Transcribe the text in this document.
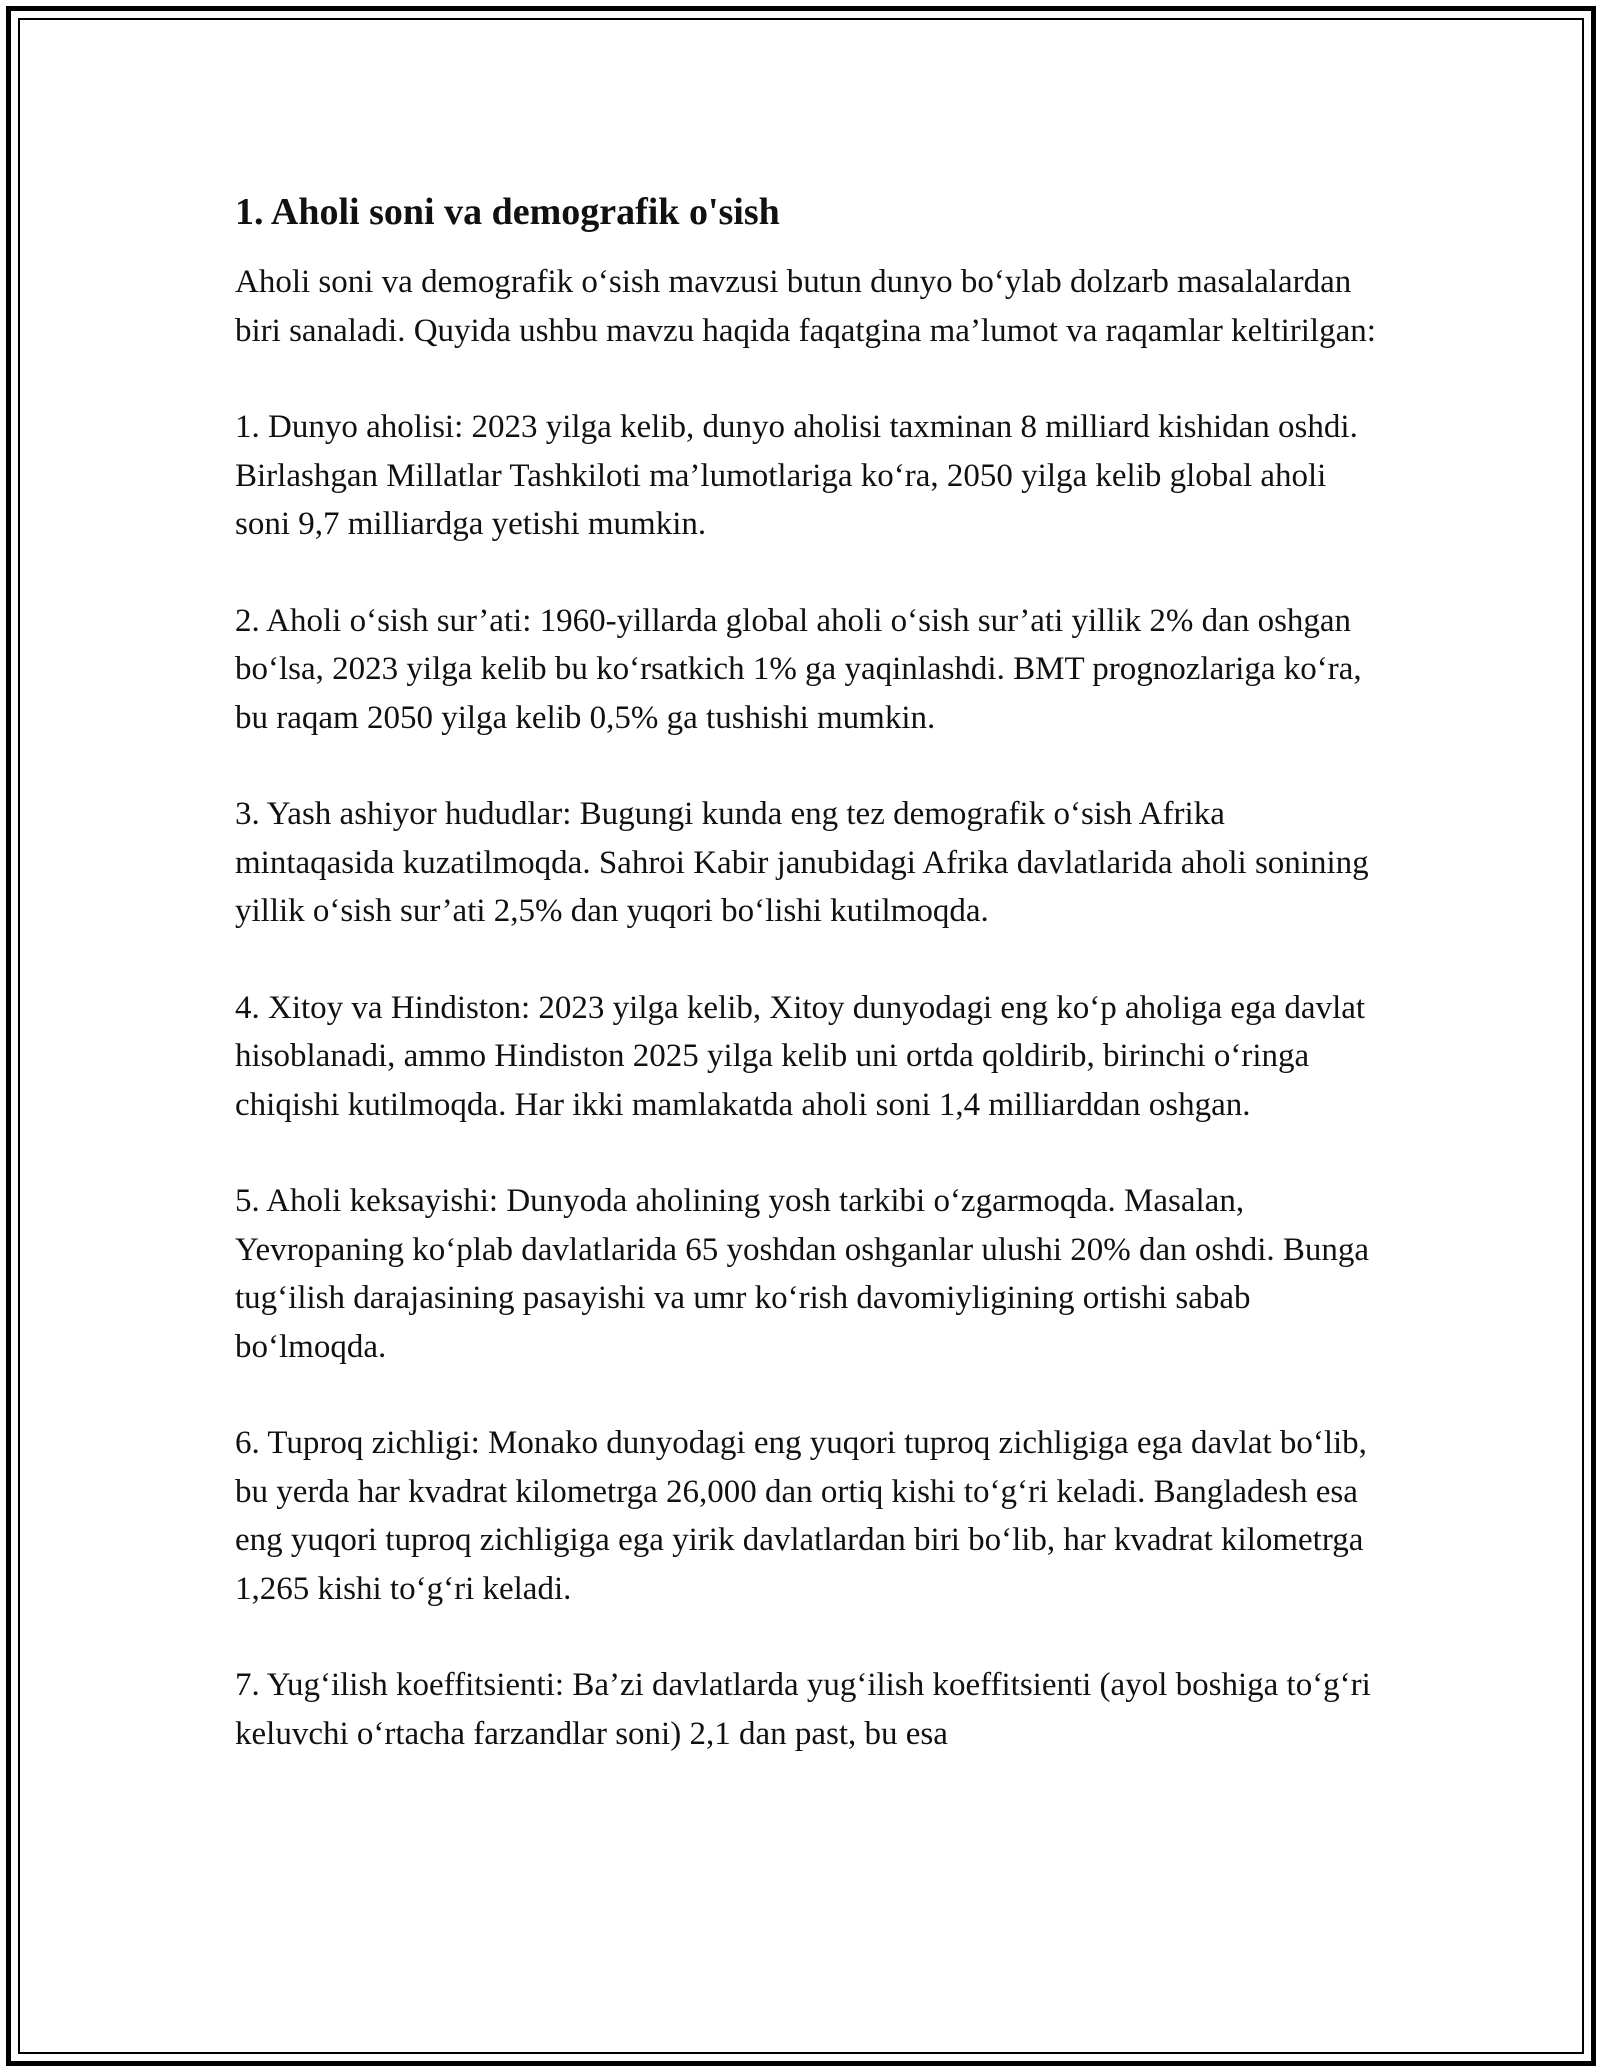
1. Aholi soni va demografik o'sish

Aholi soni va demografik o‘sish mavzusi butun dunyo bo‘ylab dolzarb masalalardan biri sanaladi. Quyida ushbu mavzu haqida faqatgina ma’lumot va raqamlar keltirilgan:

1. Dunyo aholisi: 2023 yilga kelib, dunyo aholisi taxminan 8 milliard kishidan oshdi. Birlashgan Millatlar Tashkiloti ma’lumotlariga ko‘ra, 2050 yilga kelib global aholi soni 9,7 milliardga yetishi mumkin.

2. Aholi o‘sish sur’ati: 1960-yillarda global aholi o‘sish sur’ati yillik 2% dan oshgan bo‘lsa, 2023 yilga kelib bu ko‘rsatkich 1% ga yaqinlashdi. BMT prognozlariga ko‘ra, bu raqam 2050 yilga kelib 0,5% ga tushishi mumkin.

3. Yash ashiyor hududlar: Bugungi kunda eng tez demografik o‘sish Afrika mintaqasida kuzatilmoqda. Sahroi Kabir janubidagi Afrika davlatlarida aholi sonining yillik o‘sish sur’ati 2,5% dan yuqori bo‘lishi kutilmoqda.

4. Xitoy va Hindiston: 2023 yilga kelib, Xitoy dunyodagi eng ko‘p aholiga ega davlat hisoblanadi, ammo Hindiston 2025 yilga kelib uni ortda qoldirib, birinchi o‘ringa chiqishi kutilmoqda. Har ikki mamlakatda aholi soni 1,4 milliarddan oshgan.

5. Aholi keksayishi: Dunyoda aholining yosh tarkibi o‘zgarmoqda. Masalan, Yevropaning ko‘plab davlatlarida 65 yoshdan oshganlar ulushi 20% dan oshdi. Bunga tug‘ilish darajasining pasayishi va umr ko‘rish davomiyligining ortishi sabab bo‘lmoqda.

6. Tuproq zichligi: Monako dunyodagi eng yuqori tuproq zichligiga ega davlat bo‘lib, bu yerda har kvadrat kilometrga 26,000 dan ortiq kishi to‘g‘ri keladi. Bangladesh esa eng yuqori tuproq zichligiga ega yirik davlatlardan biri bo‘lib, har kvadrat kilometrga 1,265 kishi to‘g‘ri keladi.

7. Yug‘ilish koeffitsienti: Ba’zi davlatlarda yug‘ilish koeffitsienti (ayol boshiga to‘g‘ri keluvchi o‘rtacha farzandlar soni) 2,1 dan past, bu esa
